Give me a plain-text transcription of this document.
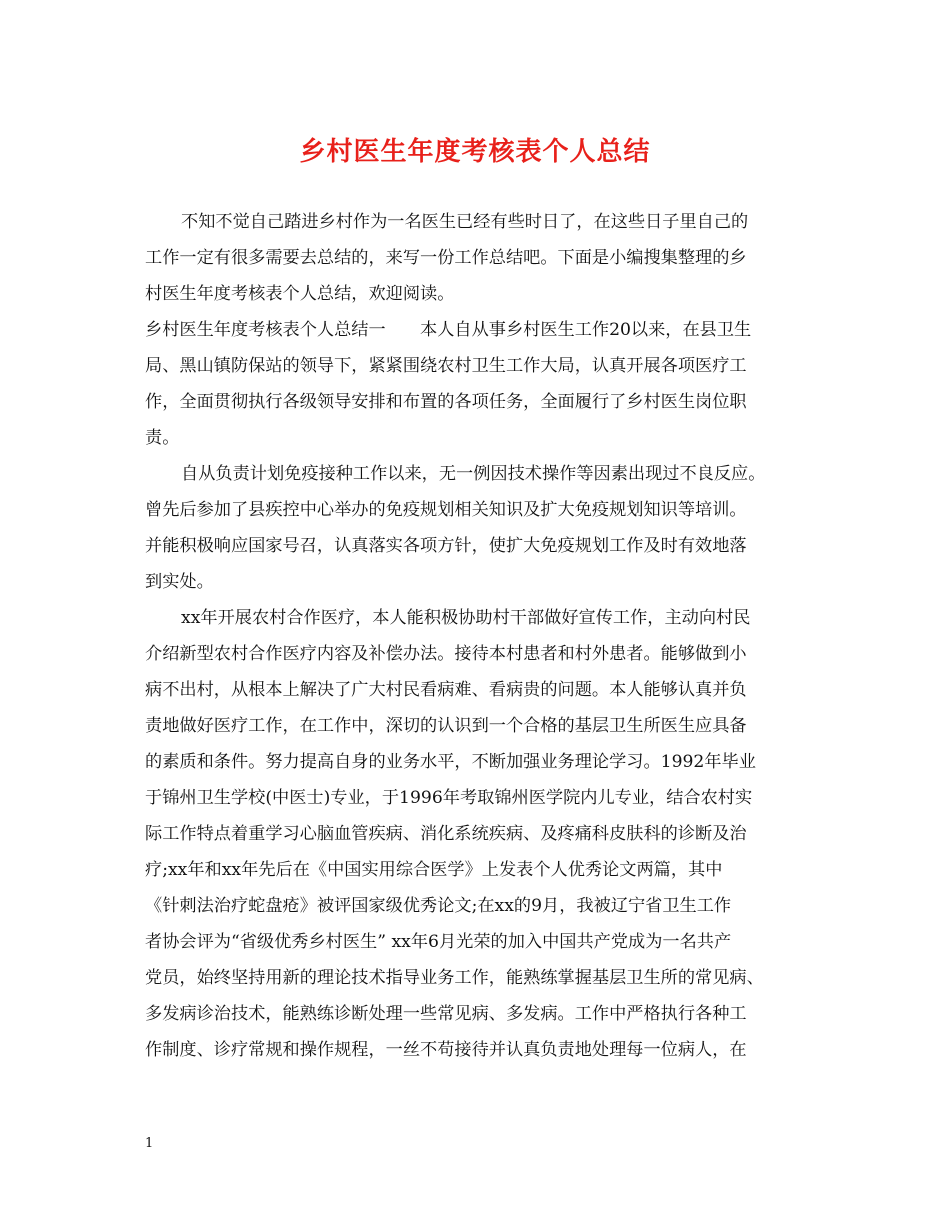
乡村医生年度考核表个人总结
不知不觉自己踏进乡村作为一名医生已经有些时日了，在这些日子里自己的
工作一定有很多需要去总结的，来写一份工作总结吧。下面是小编搜集整理的乡
村医生年度考核表个人总结，欢迎阅读。
乡村医生年度考核表个人总结一　　本人自从事乡村医生工作20以来，在县卫生
局、黑山镇防保站的领导下，紧紧围绕农村卫生工作大局，认真开展各项医疗工
作，全面贯彻执行各级领导安排和布置的各项任务，全面履行了乡村医生岗位职
责。
自从负责计划免疫接种工作以来，无一例因技术操作等因素出现过不良反应。
曾先后参加了县疾控中心举办的免疫规划相关知识及扩大免疫规划知识等培训。
并能积极响应国家号召，认真落实各项方针，使扩大免疫规划工作及时有效地落
到实处。
xx年开展农村合作医疗，本人能积极协助村干部做好宣传工作，主动向村民
介绍新型农村合作医疗内容及补偿办法。接待本村患者和村外患者。能够做到小
病不出村，从根本上解决了广大村民看病难、看病贵的问题。本人能够认真并负
责地做好医疗工作，在工作中，深切的认识到一个合格的基层卫生所医生应具备
的素质和条件。努力提高自身的业务水平，不断加强业务理论学习。1992年毕业
于锦州卫生学校(中医士)专业，于1996年考取锦州医学院内儿专业，结合农村实
际工作特点着重学习心脑血管疾病、消化系统疾病、及疼痛科皮肤科的诊断及治
疗;xx年和xx年先后在《中国实用综合医学》上发表个人优秀论文两篇，其中
《针刺法治疗蛇盘疮》被评国家级优秀论文;在xx的9月，我被辽宁省卫生工作
者协会评为“省级优秀乡村医生” xx年6月光荣的加入中国共产党成为一名共产
党员，始终坚持用新的理论技术指导业务工作，能熟练掌握基层卫生所的常见病、
多发病诊治技术，能熟练诊断处理一些常见病、多发病。工作中严格执行各种工
作制度、诊疗常规和操作规程，一丝不苟接待并认真负责地处理每一位病人，在
1
